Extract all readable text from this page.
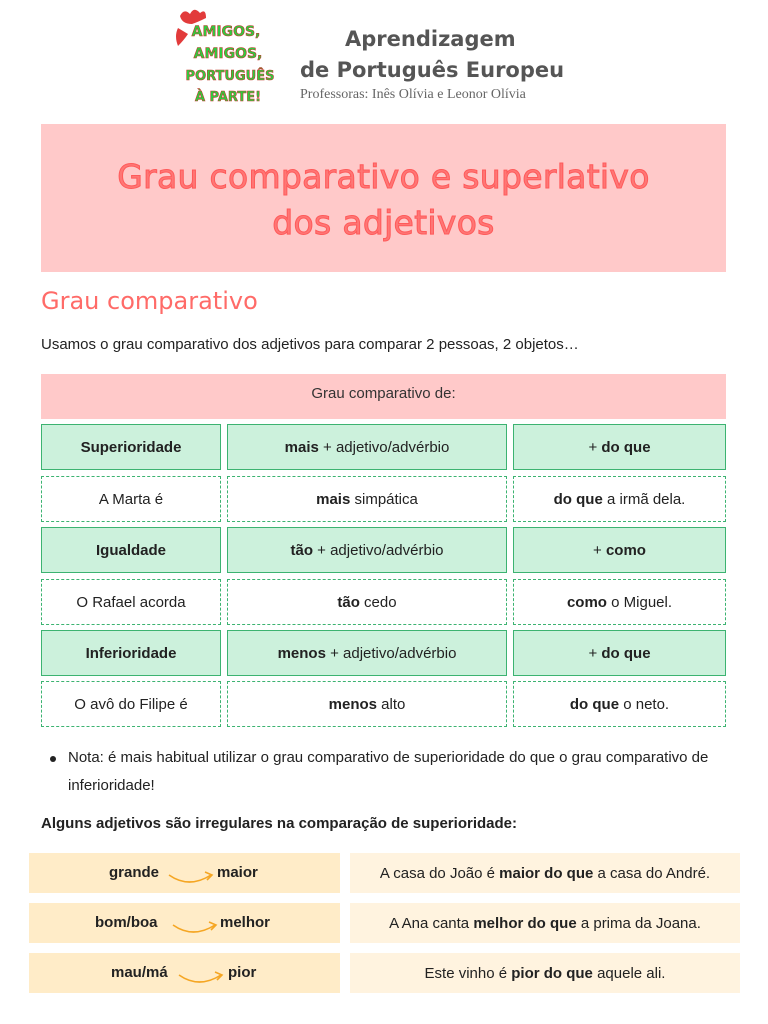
AMIGOS,
AMIGOS,
PORTUGUÊS
À PARTE!
Aprendizagem
de Português Europeu
Professoras: Inês Olívia e Leonor Olívia
Grau comparativo e superlativo
dos adjetivos
Grau comparativo
Usamos o grau comparativo dos adjetivos para comparar 2 pessoas, 2 objetos…
Grau comparativo de:
Superioridade	mais + adjetivo/advérbio	+ do que
A Marta é	mais simpática	do que a irmã dela.
Igualdade	tão + adjetivo/advérbio	+ como
O Rafael acorda	tão cedo	como o Miguel.
Inferioridade	menos + adjetivo/advérbio	+ do que
O avô do Filipe é	menos alto	do que o neto.
Nota: é mais habitual utilizar o grau comparativo de superioridade do que o grau comparativo de inferioridade!
Alguns adjetivos são irregulares na comparação de superioridade:
grande	maior	A casa do João é maior do que a casa do André.
bom/boa	melhor	A Ana canta melhor do que a prima da Joana.
mau/má	pior	Este vinho é pior do que aquele ali.
